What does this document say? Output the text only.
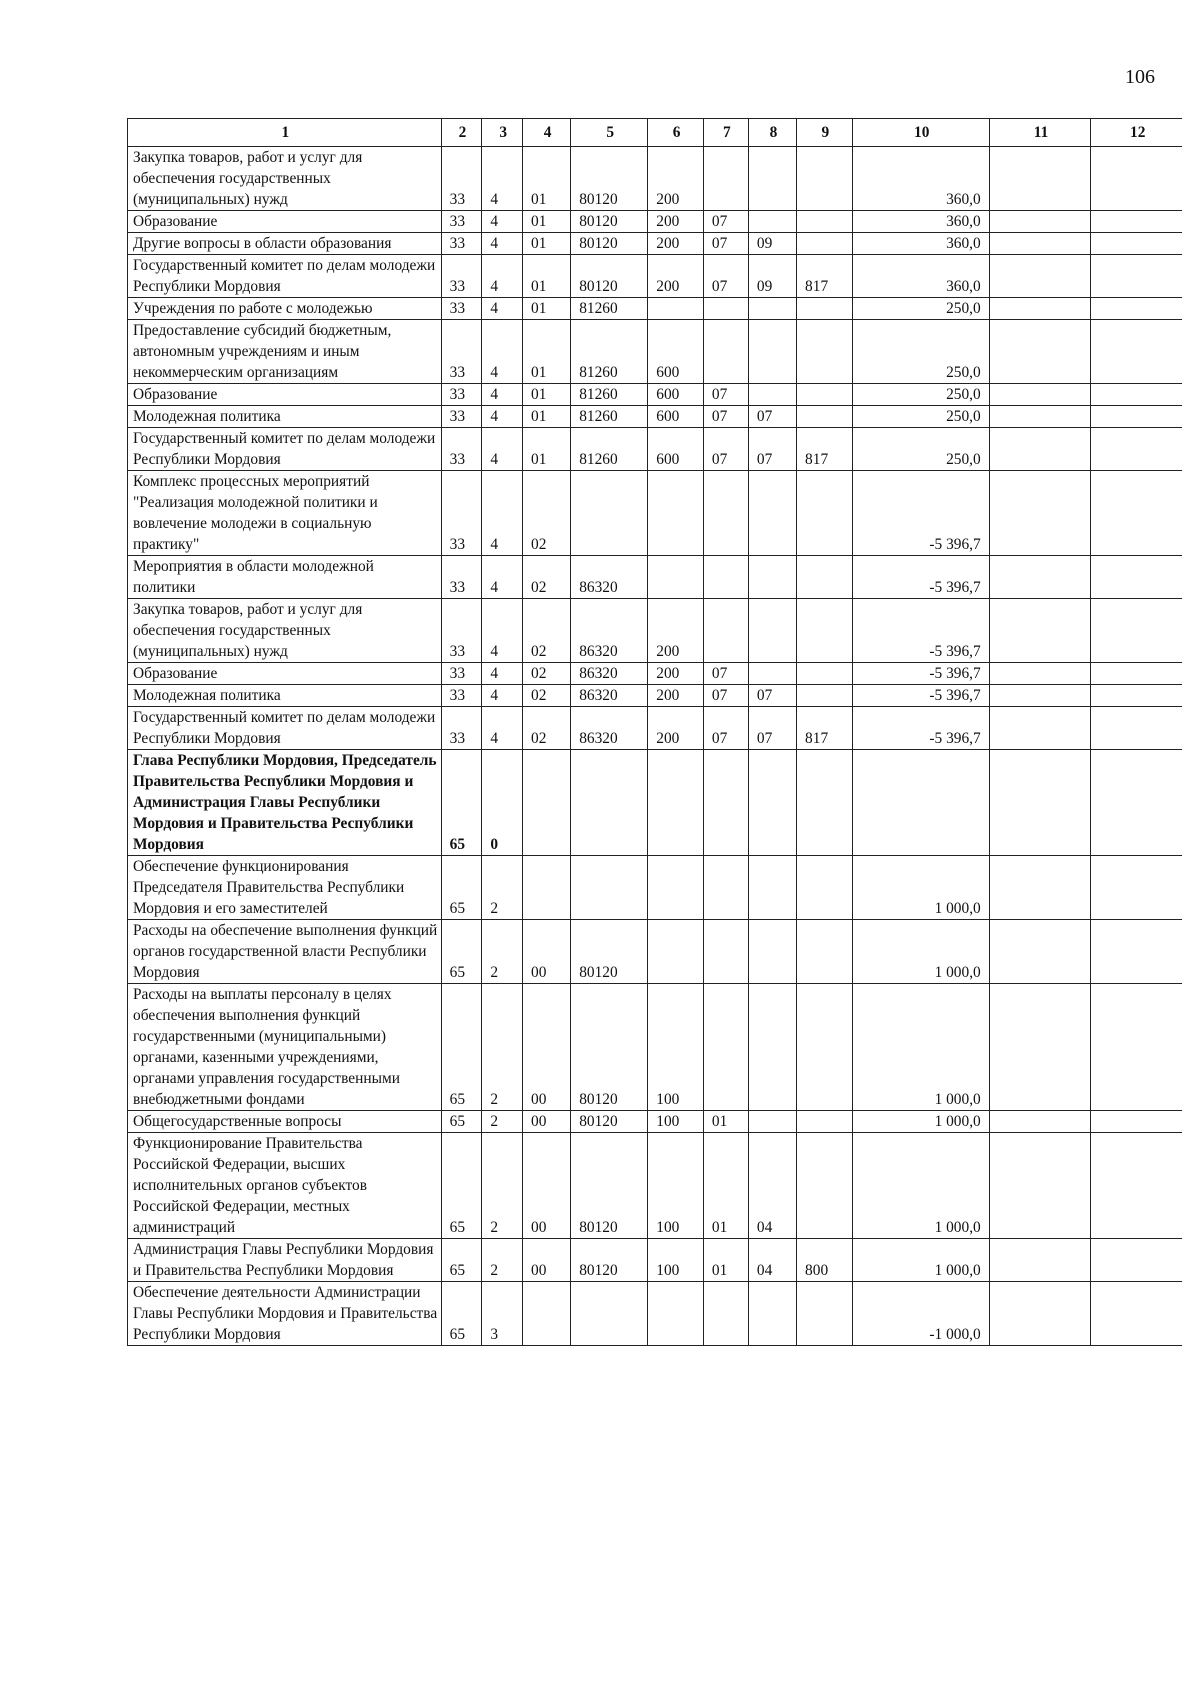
106
1	2	3	4	5	6	7	8	9	10	11	12
Закупка товаров, работ и услуг для обеспечения государственных (муниципальных) нужд	33	4	01	80120	200				360,0		
Образование	33	4	01	80120	200	07			360,0		
Другие вопросы в области образования	33	4	01	80120	200	07	09		360,0		
Государственный комитет по делам молодежи Республики Мордовия	33	4	01	80120	200	07	09	817	360,0		
Учреждения по работе с молодежью	33	4	01	81260					250,0		
Предоставление субсидий бюджетным, автономным учреждениям и иным некоммерческим организациям	33	4	01	81260	600				250,0		
Образование	33	4	01	81260	600	07			250,0		
Молодежная политика	33	4	01	81260	600	07	07		250,0		
Государственный комитет по делам молодежи Республики Мордовия	33	4	01	81260	600	07	07	817	250,0		
Комплекс процессных мероприятий "Реализация молодежной политики и вовлечение молодежи в социальную практику"	33	4	02						-5 396,7		
Мероприятия в области молодежной политики	33	4	02	86320					-5 396,7		
Закупка товаров, работ и услуг для обеспечения государственных (муниципальных) нужд	33	4	02	86320	200				-5 396,7		
Образование	33	4	02	86320	200	07			-5 396,7		
Молодежная политика	33	4	02	86320	200	07	07		-5 396,7		
Государственный комитет по делам молодежи Республики Мордовия	33	4	02	86320	200	07	07	817	-5 396,7		
Глава Республики Мордовия, Председатель Правительства Республики Мордовия и Администрация Главы Республики Мордовия и Правительства Республики Мордовия	65	0									
Обеспечение функционирования Председателя Правительства Республики Мордовия и его заместителей	65	2							1 000,0		
Расходы на обеспечение выполнения функций органов государственной власти Республики Мордовия	65	2	00	80120					1 000,0		
Расходы на выплаты персоналу в целях обеспечения выполнения функций государственными (муниципальными) органами, казенными учреждениями, органами управления государственными внебюджетными фондами	65	2	00	80120	100				1 000,0		
Общегосударственные вопросы	65	2	00	80120	100	01			1 000,0		
Функционирование Правительства Российской Федерации, высших исполнительных органов субъектов Российской Федерации, местных администраций	65	2	00	80120	100	01	04		1 000,0		
Администрация Главы Республики Мордовия и Правительства Республики Мордовия	65	2	00	80120	100	01	04	800	1 000,0		
Обеспечение деятельности Администрации Главы Республики Мордовия и Правительства Республики Мордовия	65	3							-1 000,0		
